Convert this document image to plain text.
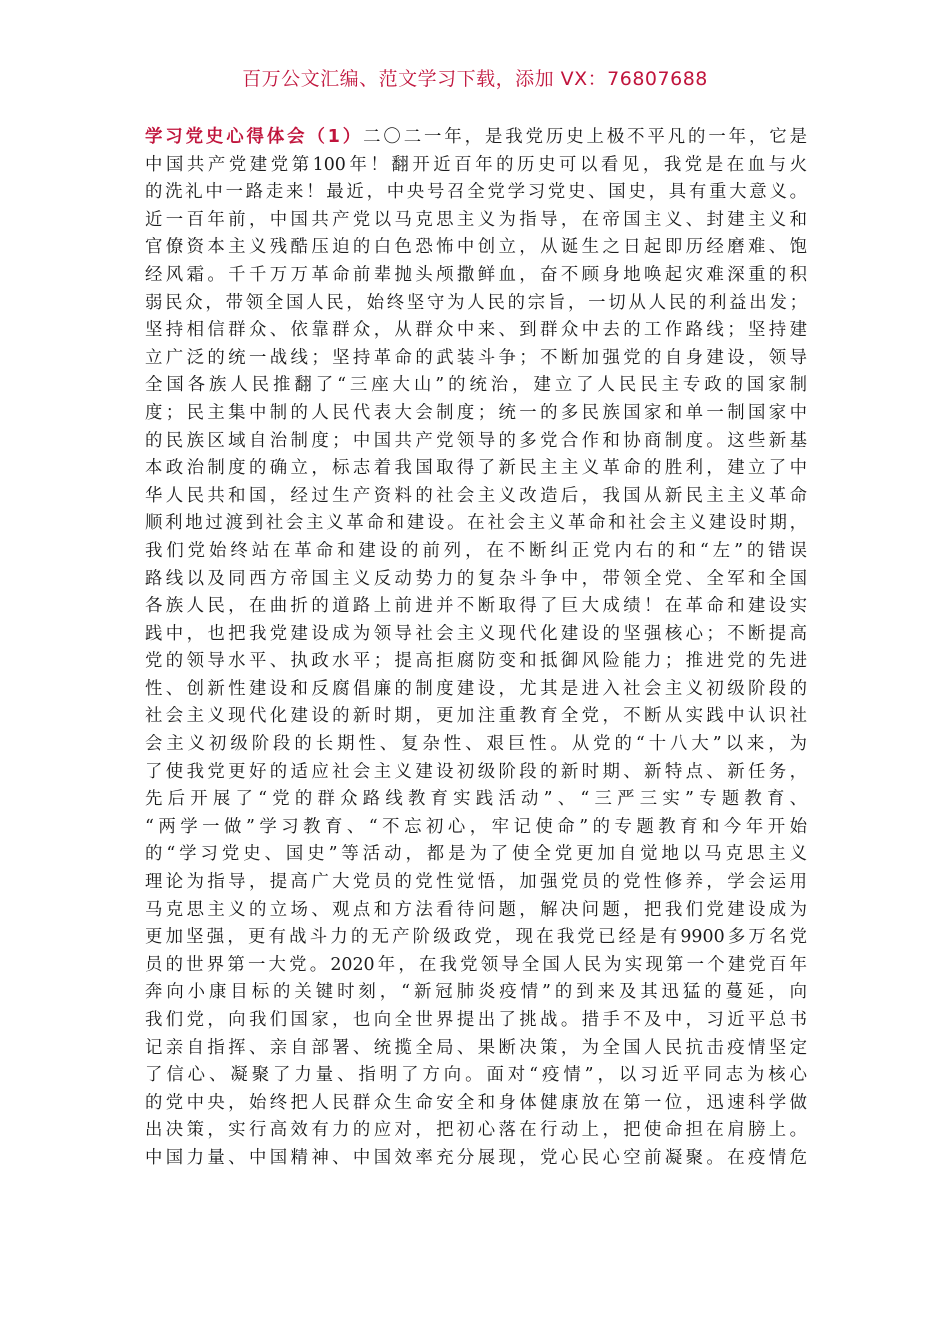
百万公文汇编、范文学习下载，添加 VX：76807688
学习党史心得体会（1）二〇二一年，是我党历史上极不平凡的一年，它是
中国共产党建党第100年！翻开近百年的历史可以看见，我党是在血与火
的洗礼中一路走来！最近，中央号召全党学习党史、国史，具有重大意义。
近一百年前，中国共产党以马克思主义为指导，在帝国主义、封建主义和
官僚资本主义残酷压迫的白色恐怖中创立，从诞生之日起即历经磨难、饱
经风霜。千千万万革命前辈抛头颅撒鲜血，奋不顾身地唤起灾难深重的积
弱民众，带领全国人民，始终坚守为人民的宗旨，一切从人民的利益出发；
坚持相信群众、依靠群众，从群众中来、到群众中去的工作路线；坚持建
立广泛的统一战线；坚持革命的武装斗争；不断加强党的自身建设，领导
全国各族人民推翻了“三座大山”的统治，建立了人民民主专政的国家制
度；民主集中制的人民代表大会制度；统一的多民族国家和单一制国家中
的民族区域自治制度；中国共产党领导的多党合作和协商制度。这些新基
本政治制度的确立，标志着我国取得了新民主主义革命的胜利，建立了中
华人民共和国，经过生产资料的社会主义改造后，我国从新民主主义革命
顺利地过渡到社会主义革命和建设。在社会主义革命和社会主义建设时期，
我们党始终站在革命和建设的前列，在不断纠正党内右的和“左”的错误
路线以及同西方帝国主义反动势力的复杂斗争中，带领全党、全军和全国
各族人民，在曲折的道路上前进并不断取得了巨大成绩！在革命和建设实
践中，也把我党建设成为领导社会主义现代化建设的坚强核心；不断提高
党的领导水平、执政水平；提高拒腐防变和抵御风险能力；推进党的先进
性、创新性建设和反腐倡廉的制度建设，尤其是进入社会主义初级阶段的
社会主义现代化建设的新时期，更加注重教育全党，不断从实践中认识社
会主义初级阶段的长期性、复杂性、艰巨性。从党的“十八大”以来，为
了使我党更好的适应社会主义建设初级阶段的新时期、新特点、新任务，
先后开展了“党的群众路线教育实践活动”、“三严三实”专题教育、
“两学一做”学习教育、“不忘初心，牢记使命”的专题教育和今年开始
的“学习党史、国史”等活动，都是为了使全党更加自觉地以马克思主义
理论为指导，提高广大党员的党性觉悟，加强党员的党性修养，学会运用
马克思主义的立场、观点和方法看待问题，解决问题，把我们党建设成为
更加坚强，更有战斗力的无产阶级政党，现在我党已经是有9900多万名党
员的世界第一大党。2020年，在我党领导全国人民为实现第一个建党百年
奔向小康目标的关键时刻，“新冠肺炎疫情”的到来及其迅猛的蔓延，向
我们党，向我们国家，也向全世界提出了挑战。措手不及中，习近平总书
记亲自指挥、亲自部署、统揽全局、果断决策，为全国人民抗击疫情坚定
了信心、凝聚了力量、指明了方向。面对“疫情”，以习近平同志为核心
的党中央，始终把人民群众生命安全和身体健康放在第一位，迅速科学做
出决策，实行高效有力的应对，把初心落在行动上，把使命担在肩膀上。
中国力量、中国精神、中国效率充分展现，党心民心空前凝聚。在疫情危
